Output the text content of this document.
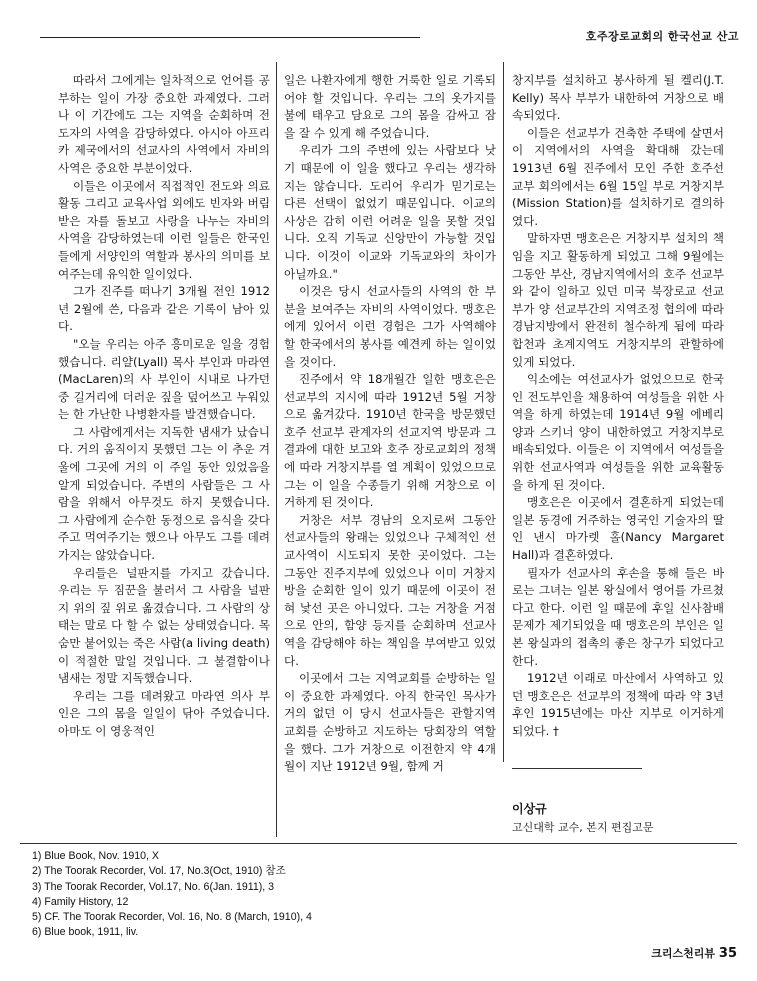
호주장로교회의 한국선교 산고

따라서 그에게는 일차적으로 언어를 공부하는 일이 가장 중요한 과제였다. 그러나 이 기간에도 그는 지역을 순회하며 전도자의 사역을 감당하였다. 아시아 아프리카 제국에서의 선교사의 사역에서 자비의 사역은 중요한 부분이었다.

이들은 이곳에서 직접적인 전도와 의료활동 그리고 교육사업 외에도 빈자와 버림받은 자를 돌보고 사랑을 나누는 자비의 사역을 감당하였는데 이런 일들은 한국인들에게 서양인의 역할과 봉사의 의미를 보여주는데 유익한 일이었다.

그가 진주를 떠나기 3개월 전인 1912년 2월에 쓴, 다음과 같은 기록이 남아 있다.

"오늘 우리는 아주 흥미로운 일을 경험했습니다. 리얄(Lyall) 목사 부인과 마라연(MacLaren)의 사 부인이 시내로 나가던 중 길거리에 더러운 짚을 덮어쓰고 누워있는 한 가난한 나병환자를 발견했습니다.

그 사람에게서는 지독한 냄새가 났습니다. 거의 움직이지 못했던 그는 이 추운 겨울에 그곳에 거의 이 주일 동안 있었음을 알게 되었습니다. 주변의 사람들은 그 사람을 위해서 아무것도 하지 못했습니다. 그 사람에게 순수한 동정으로 음식을 갖다주고 먹여주기는 했으나 아무도 그를 데려가지는 않았습니다.

우리들은 널판지를 가지고 갔습니다. 우리는 두 짐꾼을 불러서 그 사람을 널판지 위의 짚 위로 옮겼습니다. 그 사람의 상태는 말로 다 할 수 없는 상태였습니다. 목숨만 붙어있는 죽은 사람(a living death)이 적절한 말일 것입니다. 그 불결함이나 냄새는 정말 지독했습니다.

우리는 그를 데려왔고 마라연 의사 부인은 그의 몸을 일일이 닦아 주었습니다. 아마도 이 영웅적인

일은 나환자에게 행한 거룩한 일로 기록되어야 할 것입니다. 우리는 그의 옷가지를 불에 태우고 담요로 그의 몸을 감싸고 잠을 잘 수 있게 해 주었습니다.

우리가 그의 주변에 있는 사람보다 낫기 때문에 이 일을 했다고 우리는 생각하지는 않습니다. 도리어 우리가 믿기로는 다른 선택이 없었기 때문입니다. 이교의 사상은 감히 이런 어려운 일을 못할 것입니다. 오직 기독교 신앙만이 가능할 것입니다. 이것이 이교와 기독교와의 차이가 아닐까요."

이것은 당시 선교사들의 사역의 한 부분을 보여주는 자비의 사역이었다. 맹호은에게 있어서 이런 경험은 그가 사역해야 할 한국에서의 봉사를 예견케 하는 일이었을 것이다.

진주에서 약 18개월간 일한 맹호은은 선교부의 지시에 따라 1912년 5월 거창으로 옮겨갔다. 1910년 한국을 방문했던 호주 선교부 관계자의 선교지역 방문과 그 결과에 대한 보고와 호주 장로교회의 정책에 따라 거창지부를 열 계획이 있었으므로 그는 이 일을 수종들기 위해 거창으로 이거하게 된 것이다.

거창은 서부 경남의 오지로써 그동안 선교사들의 왕래는 있었으나 구체적인 선교사역이 시도되지 못한 곳이었다. 그는 그동안 진주지부에 있었으나 이미 거창지방을 순회한 일이 있기 때문에 이곳이 전혀 낯선 곳은 아니었다. 그는 거창을 거점으로 안의, 함양 등지를 순회하며 선교사역을 감당해야 하는 책임을 부여받고 있었다.

이곳에서 그는 지역교회를 순방하는 일이 중요한 과제였다. 아직 한국인 목사가 거의 없던 이 당시 선교사들은 관할지역 교회를 순방하고 지도하는 당회장의 역할을 했다. 그가 거창으로 이전한지 약 4개월이 지난 1912년 9월, 함께 거

창지부를 설치하고 봉사하게 될 켈리(J.T. Kelly) 목사 부부가 내한하여 거창으로 배속되었다.

이들은 선교부가 건축한 주택에 살면서 이 지역에서의 사역을 확대해 갔는데 1913년 6월 진주에서 모인 주한 호주선교부 회의에서는 6월 15일 부로 거창지부(Mission Station)를 설치하기로 결의하였다.

말하자면 맹호은은 거창지부 설치의 책임을 지고 활동하게 되었고 그해 9월에는 그동안 부산, 경남지역에서의 호주 선교부와 같이 일하고 있던 미국 북장로교 선교부가 양 선교부간의 지역조정 협의에 따라 경남지방에서 완전히 철수하게 됨에 따라 합천과 초계지역도 거창지부의 관할하에 있게 되었다.

익소에는 여선교사가 없었으므로 한국인 전도부인을 채용하여 여성들을 위한 사역을 하게 하였는데 1914년 9월 에베리 양과 스키너 양이 내한하였고 거창지부로 배속되었다. 이들은 이 지역에서 여성들을 위한 선교사역과 여성들을 위한 교육활동을 하게 된 것이다.

맹호은은 이곳에서 결혼하게 되었는데 일본 동경에 거주하는 영국인 기술자의 딸인 낸시 마가렛 홀(Nancy Margaret Hall)과 결혼하였다.

필자가 선교사의 후손을 통해 들은 바로는 그녀는 일본 왕실에서 영어를 가르쳤다고 한다. 이런 일 때문에 후일 신사참배문제가 제기되었을 때 맹호은의 부인은 일본 왕실과의 접촉의 좋은 창구가 되었다고 한다.

1912년 이래로 마산에서 사역하고 있던 맹호은은 선교부의 정책에 따라 약 3년 후인 1915년에는 마산 지부로 이거하게 되었다. †

이상규
고신대학 교수, 본지 편집고문
1) Blue Book, Nov. 1910, X
2) The Toorak Recorder, Vol. 17, No.3(Oct, 1910) 참조
3) The Toorak Recorder, Vol.17, No. 6(Jan. 1911), 3
4) Family History, 12
5) CF. The Toorak Recorder, Vol. 16, No. 8 (March, 1910), 4
6) Blue book, 1911, liv.
크리스천리뷰 35
